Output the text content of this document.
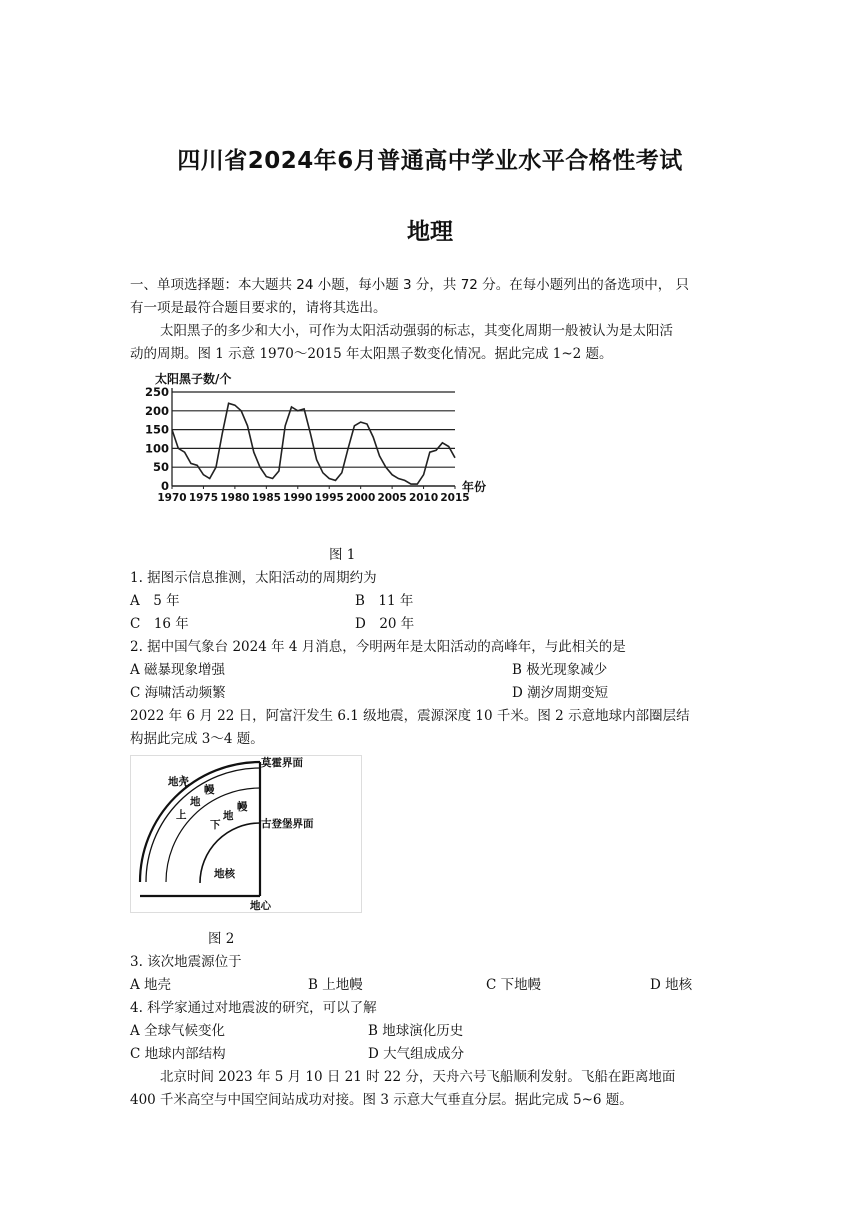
四川省2024年6月普通高中学业水平合格性考试
地理
一、单项选择题：本大题共 24 小题，每小题 3 分，共 72 分。在每小题列出的备选项中， 只
有一项是最符合题目要求的，请将其选出。
太阳黑子的多少和大小，可作为太阳活动强弱的标志，其变化周期一般被认为是太阳活
动的周期。图 1 示意 1970～2015 年太阳黑子数变化情况。据此完成 1~2 题。
太阳黑子数/个
年份
0
50
100
150
200
250
1970 1975 1980 1985 1990 1995 2000 2005 2010 2015
图 1
1. 据图示信息推测，太阳活动的周期约为
A　5 年	B　11 年
C　16 年	D　20 年
2. 据中国气象台 2024 年 4 月消息，今明两年是太阳活动的高峰年，与此相关的是
A 磁暴现象增强	B 极光现象减少
C 海啸活动频繁	D 潮汐周期变短
2022 年 6 月 22 日，阿富汗发生 6.1 级地震，震源深度 10 千米。图 2 示意地球内部圈层结
构据此完成 3～4 题。
地壳
莫霍界面
上
地
幔
下
地
幔
古登堡界面
地核
地心
图 2
3. 该次地震源位于
A 地壳	B 上地幔	C 下地幔	D 地核
4. 科学家通过对地震波的研究，可以了解
A 全球气候变化	B 地球演化历史
C 地球内部结构	D 大气组成成分
北京时间 2023 年 5 月 10 日 21 时 22 分，天舟六号飞船顺利发射。飞船在距离地面
400 千米高空与中国空间站成功对接。图 3 示意大气垂直分层。据此完成 5~6 题。
